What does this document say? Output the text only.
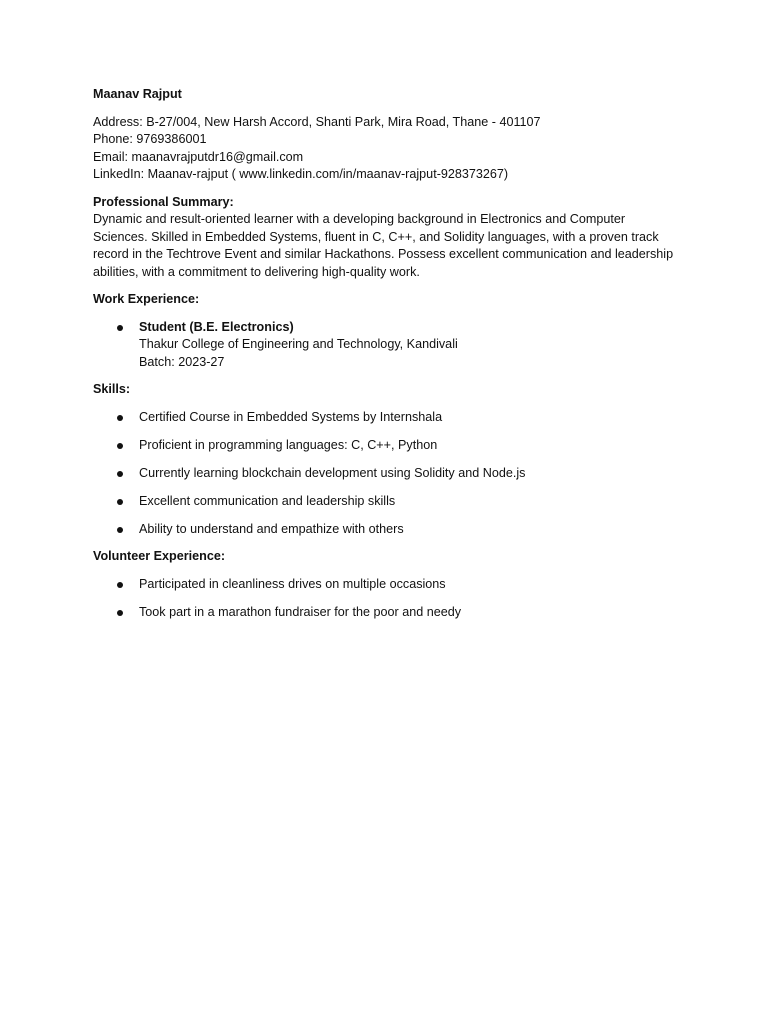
Maanav Rajput

Address: B-27/004, New Harsh Accord, Shanti Park, Mira Road, Thane - 401107

Phone: 9769386001

Email: maanavrajputdr16@gmail.com

LinkedIn: Maanav-rajput ( www.linkedin.com/in/maanav-rajput-928373267)

Professional Summary:

Dynamic and result-oriented learner with a developing background in Electronics and Computer Sciences. Skilled in Embedded Systems, fluent in C, C++, and Solidity languages, with a proven track record in the Techtrove Event and similar Hackathons. Possess excellent communication and leadership abilities, with a commitment to delivering high-quality work.

Work Experience:
Student (B.E. Electronics)
Thakur College of Engineering and Technology, Kandivali
Batch: 2023-27
Skills:
Certified Course in Embedded Systems by Internshala
Proficient in programming languages: C, C++, Python
Currently learning blockchain development using Solidity and Node.js
Excellent communication and leadership skills
Ability to understand and empathize with others
Volunteer Experience:
Participated in cleanliness drives on multiple occasions
Took part in a marathon fundraiser for the poor and needy
